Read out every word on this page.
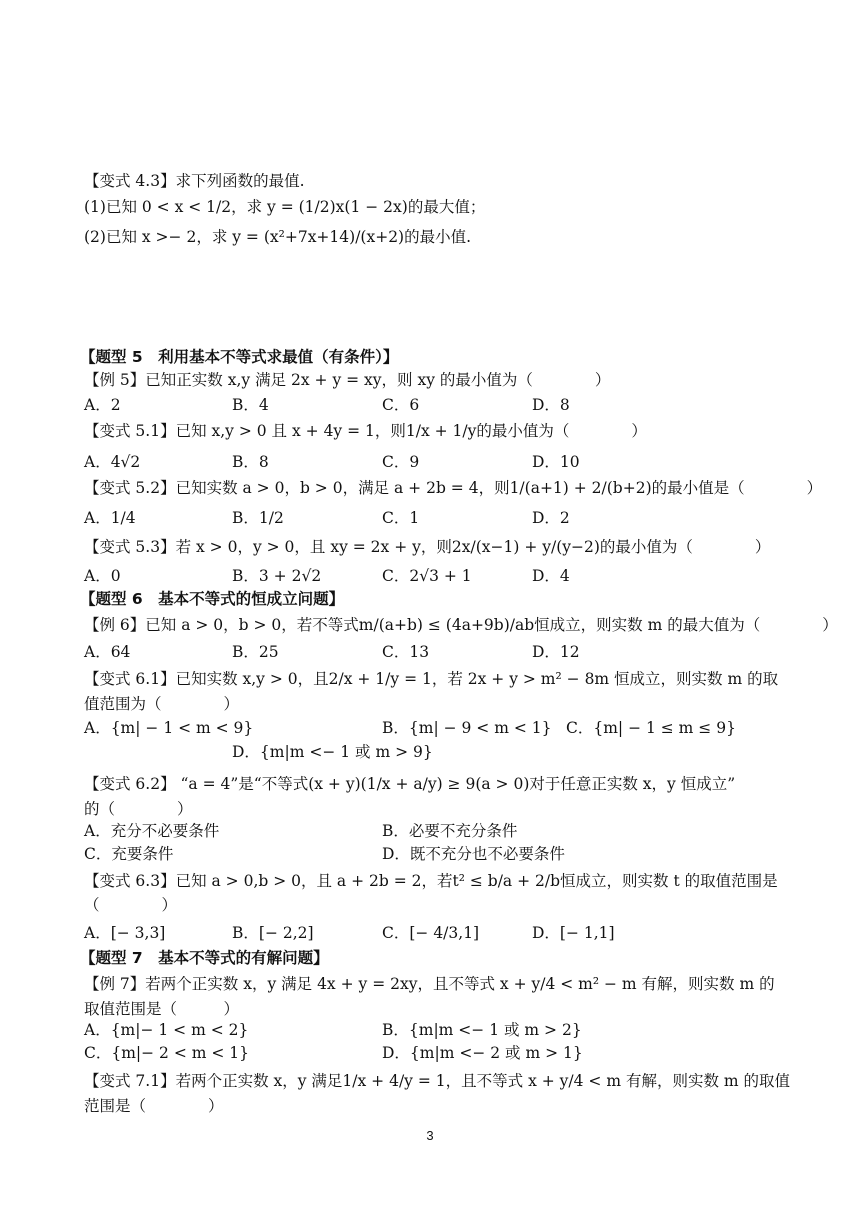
【变式 4.3】求下列函数的最值.
(1)已知 0 < x < 1/2，求 y = (1/2)x(1 − 2x)的最大值；
(2)已知 x >− 2，求 y = (x²+7x+14)/(x+2)的最小值.
【题型 5　利用基本不等式求最值（有条件）】
【例 5】已知正实数 x,y 满足 2x + y = xy，则 xy 的最小值为（　　　　）
A．2	B．4	C．6	D．8
【变式 5.1】已知 x,y > 0 且 x + 4y = 1，则1/x + 1/y的最小值为（　　　　）
A．4√2	B．8	C．9	D．10
【变式 5.2】已知实数 a > 0，b > 0，满足 a + 2b = 4，则1/(a+1) + 2/(b+2)的最小值是（　　　　）
A．1/4	B．1/2	C．1	D．2
【变式 5.3】若 x > 0，y > 0，且 xy = 2x + y，则2x/(x−1) + y/(y−2)的最小值为（　　　　）
A．0	B．3 + 2√2	C．2√3 + 1	D．4
【题型 6　基本不等式的恒成立问题】
【例 6】已知 a > 0，b > 0，若不等式m/(a+b) ≤ (4a+9b)/ab恒成立，则实数 m 的最大值为（　　　　）
A．64	B．25	C．13	D．12
【变式 6.1】已知实数 x,y > 0，且2/x + 1/y = 1，若 2x + y > m² − 8m 恒成立，则实数 m 的取
值范围为（　　　　）
A．{m| − 1 < m < 9}	B．{m| − 9 < m < 1} C．{m| − 1 ≤ m ≤ 9}
D．{m|m <− 1 或 m > 9}
【变式 6.2】 “a = 4”是“不等式(x + y)(1/x + a/y) ≥ 9(a > 0)对于任意正实数 x，y 恒成立”
的（　　　　）
A．充分不必要条件	B．必要不充分条件
C．充要条件	D．既不充分也不必要条件
【变式 6.3】已知 a > 0,b > 0，且 a + 2b = 2，若t² ≤ b/a + 2/b恒成立，则实数 t 的取值范围是
（　　　　）
A．[− 3,3]	B．[− 2,2]	C．[− 4/3,1]	D．[− 1,1]
【题型 7　基本不等式的有解问题】
【例 7】若两个正实数 x，y 满足 4x + y = 2xy，且不等式 x + y/4 < m² − m 有解，则实数 m 的
取值范围是（　　　）
A．{m|− 1 < m < 2}	B．{m|m <− 1 或 m > 2}
C．{m|− 2 < m < 1}	D．{m|m <− 2 或 m > 1}
【变式 7.1】若两个正实数 x，y 满足1/x + 4/y = 1，且不等式 x + y/4 < m 有解，则实数 m 的取值
范围是（　　　　）
3
